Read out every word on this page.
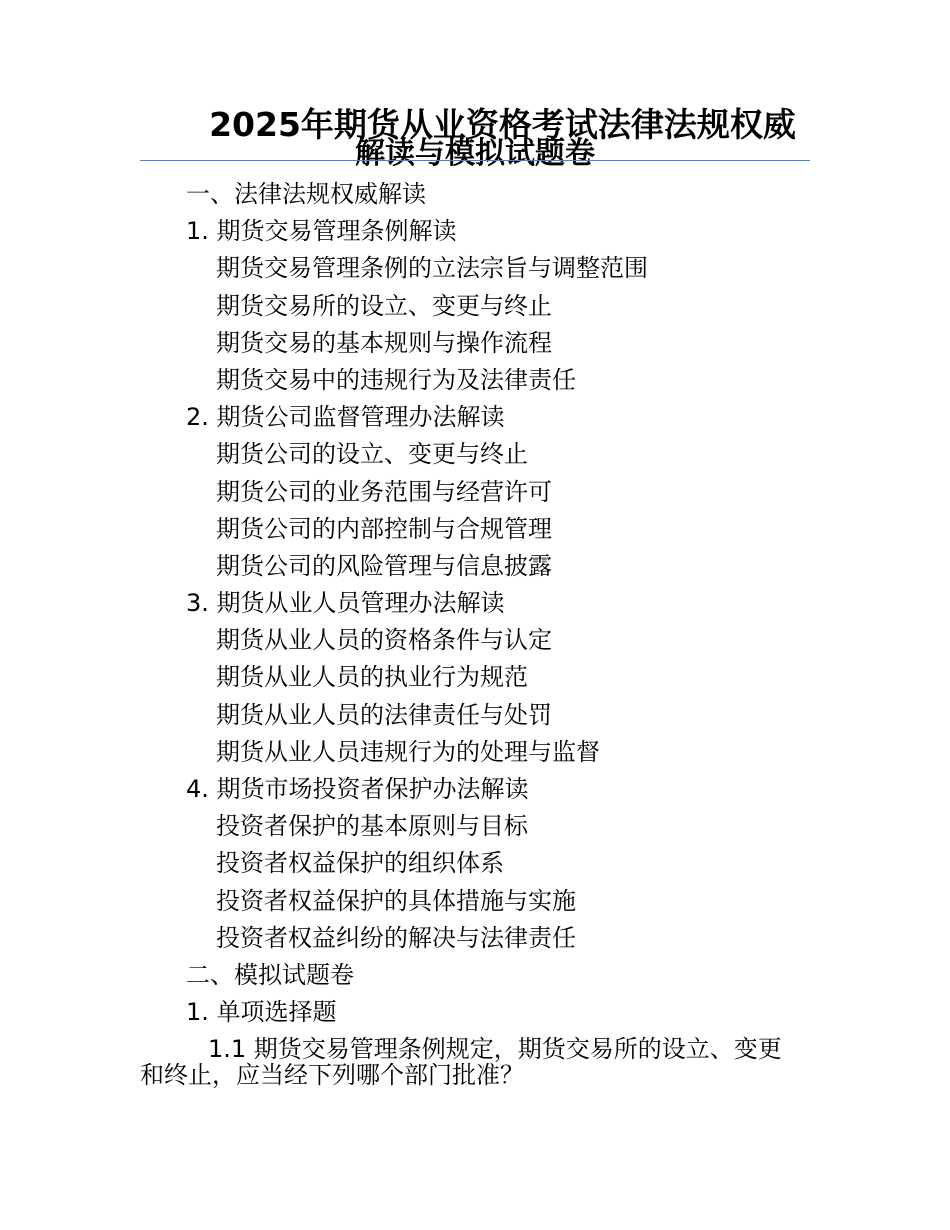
2025年期货从业资格考试法律法规权威
解读与模拟试题卷
一、法律法规权威解读
1. 期货交易管理条例解读
期货交易管理条例的立法宗旨与调整范围
期货交易所的设立、变更与终止
期货交易的基本规则与操作流程
期货交易中的违规行为及法律责任
2. 期货公司监督管理办法解读
期货公司的设立、变更与终止
期货公司的业务范围与经营许可
期货公司的内部控制与合规管理
期货公司的风险管理与信息披露
3. 期货从业人员管理办法解读
期货从业人员的资格条件与认定
期货从业人员的执业行为规范
期货从业人员的法律责任与处罚
期货从业人员违规行为的处理与监督
4. 期货市场投资者保护办法解读
投资者保护的基本原则与目标
投资者权益保护的组织体系
投资者权益保护的具体措施与实施
投资者权益纠纷的解决与法律责任
二、模拟试题卷
1. 单项选择题
1.1 期货交易管理条例规定，期货交易所的设立、变更
和终止，应当经下列哪个部门批准？
